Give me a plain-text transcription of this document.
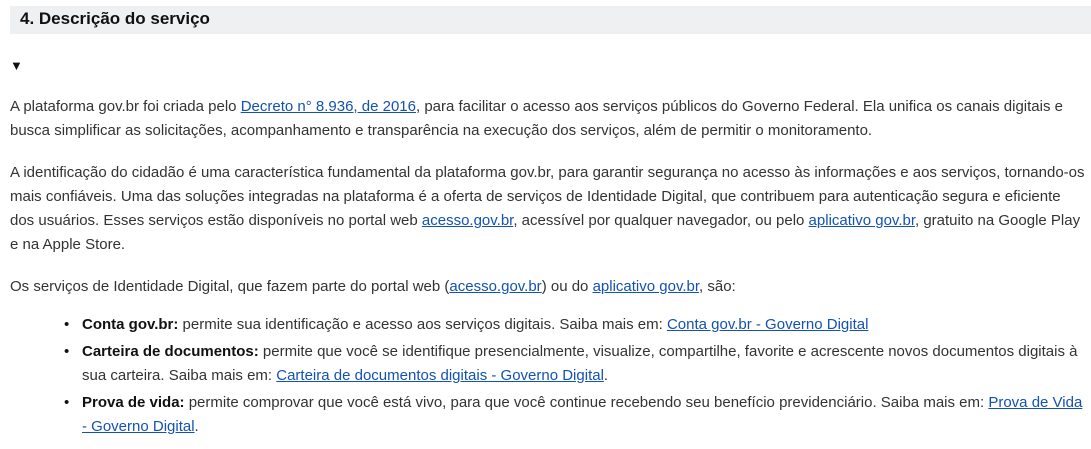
4. Descrição do serviço
▼

A plataforma gov.br foi criada pelo Decreto n° 8.936, de 2016, para facilitar o acesso aos serviços públicos do Governo Federal. Ela unifica os canais digitais e busca simplificar as solicitações, acompanhamento e transparência na execução dos serviços, além de permitir o monitoramento.

A identificação do cidadão é uma característica fundamental da plataforma gov.br, para garantir segurança no acesso às informações e aos serviços, tornando-os mais confiáveis. Uma das soluções integradas na plataforma é a oferta de serviços de Identidade Digital, que contribuem para autenticação segura e eficiente dos usuários. Esses serviços estão disponíveis no portal web acesso.gov.br, acessível por qualquer navegador, ou pelo aplicativo gov.br, gratuito na Google Play e na Apple Store.

Os serviços de Identidade Digital, que fazem parte do portal web (acesso.gov.br) ou do aplicativo gov.br, são:

• Conta gov.br: permite sua identificação e acesso aos serviços digitais. Saiba mais em: Conta gov.br - Governo Digital
• Carteira de documentos: permite que você se identifique presencialmente, visualize, compartilhe, favorite e acrescente novos documentos digitais à sua carteira. Saiba mais em: Carteira de documentos digitais - Governo Digital.
• Prova de vida: permite comprovar que você está vivo, para que você continue recebendo seu benefício previdenciário. Saiba mais em: Prova de Vida - Governo Digital.
